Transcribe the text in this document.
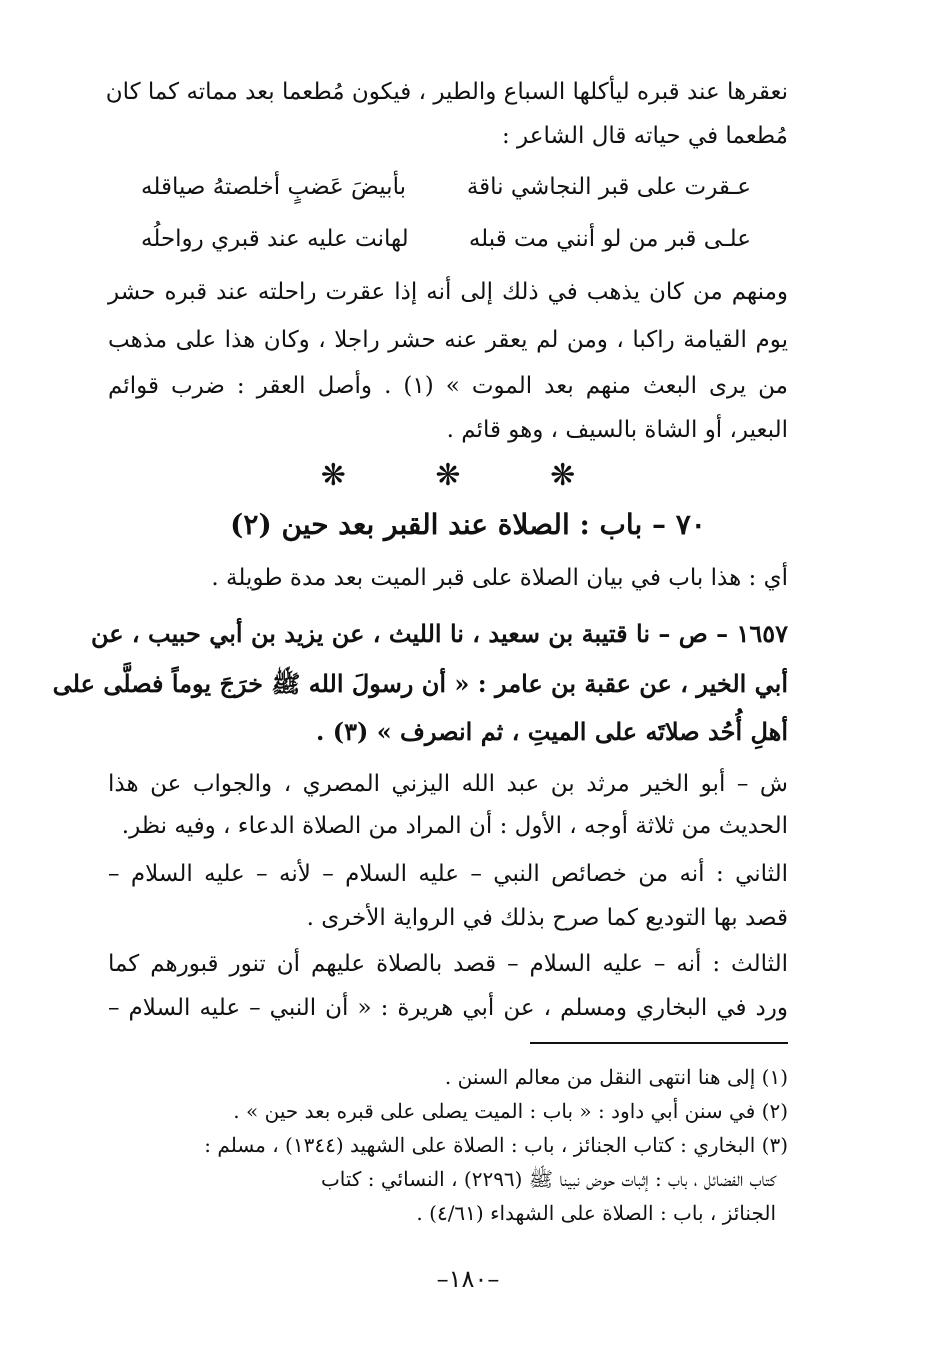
نعقرها عند قبره ليأكلها السباع والطير ، فيكون مُطعما بعد مماته كما كان
مُطعما في حياته قال الشاعر :
عـقرت على قبر النجاشي ناقة
بأبيضَ عَضبٍ أخلصتهُ صياقله
علـى قبر من لو أنني مت قبله
لهانت عليه عند قبري رواحلُه
ومنهم من كان يذهب في ذلك إلى أنه إذا عقرت راحلته عند قبره حشر
يوم القيامة راكبا ، ومن لم يعقر عنه حشر راجلا ، وكان هذا على مذهب
من يرى البعث منهم بعد الموت » (١) . وأصل العقر : ضرب قوائم
البعير، أو الشاة بالسيف ، وهو قائم .
❋ ❋ ❋
٧٠ – باب : الصلاة عند القبر بعد حين (٢)
أي : هذا باب في بيان الصلاة على قبر الميت بعد مدة طويلة .
١٦٥٧ – ص – نا قتيبة بن سعيد ، نا الليث ، عن يزيد بن أبي حبيب ، عن
أبي الخير ، عن عقبة بن عامر : « أن رسولَ الله ﷺ خرَجَ يوماً فصلَّى على
أهلِ أُحُد صلاتَه على الميتِ ، ثم انصرف » (٣) .
ش – أبو الخير مرثد بن عبد الله اليزني المصري ، والجواب عن هذا
الحديث من ثلاثة أوجه ، الأول : أن المراد من الصلاة الدعاء ، وفيه نظر.
الثاني : أنه من خصائص النبي – عليه السلام – لأنه – عليه السلام –
قصد بها التوديع كما صرح بذلك في الرواية الأخرى .
الثالث : أنه – عليه السلام – قصد بالصلاة عليهم أن تنور قبورهم كما
ورد في البخاري ومسلم ، عن أبي هريرة : « أن النبي – عليه السلام –
(١) إلى هنا انتهى النقل من معالم السنن .
(٢) في سنن أبي داود : « باب : الميت يصلى على قبره بعد حين » .
(٣) البخاري : كتاب الجنائز ، باب : الصلاة على الشهيد (١٣٤٤) ، مسلم :
كتاب الفضائل ، باب : إثبات حوض نبينا ﷺ (٢٢٩٦) ، النسائي : كتاب
الجنائز ، باب : الصلاة على الشهداء (٤/٦١) .
–١٨٠–
